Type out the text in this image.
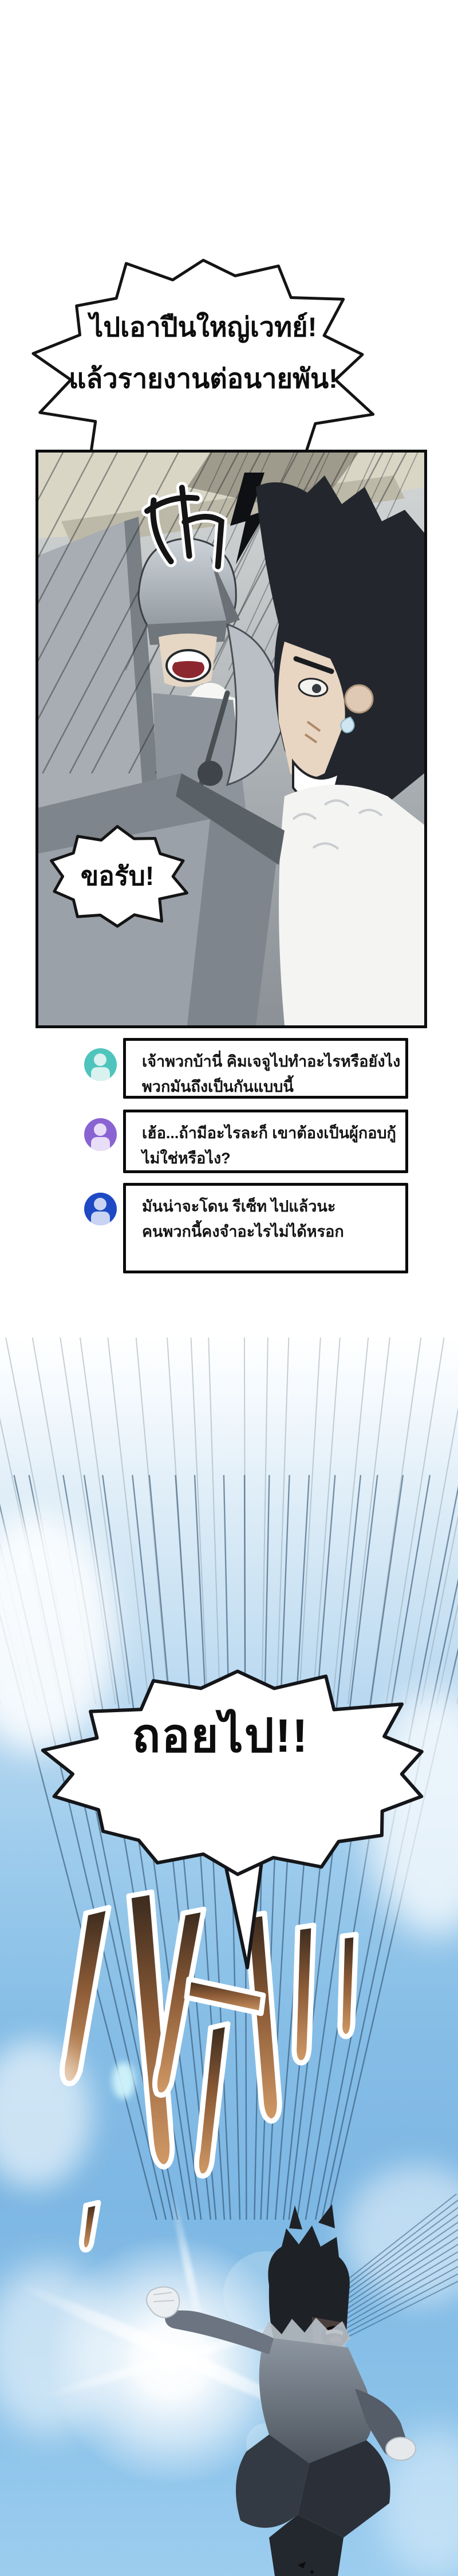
ถอยไป!!
ไปเอาปืนใหญ่เวทย์!
แล้วรายงานต่อนายพัน!
ขอรับ!
เจ้าพวกบ้านี่ คิมเจจูไปทำอะไรหรือยังไง
พวกมันถึงเป็นกันแบบนี้
เฮ้อ...ถ้ามีอะไรละก็ เขาต้องเป็นผู้กอบกู้
ไม่ใช่หรือไง?
มันน่าจะโดน รีเซ็ท ไปแล้วนะ
คนพวกนี้คงจำอะไรไม่ได้หรอก
